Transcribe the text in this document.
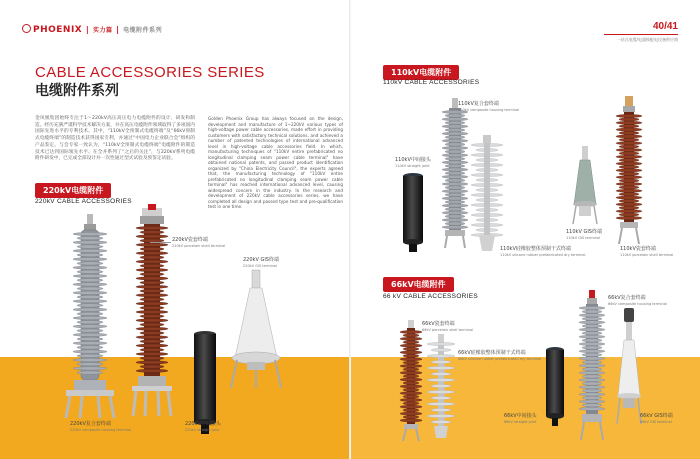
PHOENIX | 实力篇 | 电缆附件系列	40/41
一站式电缆/电器换配电设备供应商
CABLE ACCESSORIES SERIES
电缆附件系列
金凤凰集团始终专注于1～220kV高压高压电力电缆附件的设计、研发和制造。经历充满严谨科学技术解决方案，并在高压电缆附件领域取得了多项国内国际先进水平的专利技术。其中，“110kV全预制式电缆终端”及“66kV预制式电缆终端”的制造技术获得国家专利，并通过“中国电力企业联合会”组织的产品鉴定。与会专家一致认为，“110kV全预制式电缆终端”电缆附件的制造技术已达到国际领先水平。在全并系列了“之后的关注”，与220kV系列电缆附件研发中，已完成全部设计并一次性通过型式试验及预鉴定试验。
Golden Phoenix Group has always focused on the design, development and manufacture of 1~220kV various types of high-voltage power cable accessories, made effort in providing customers with satisfactory technical solutions, and achieved a number of patented technologies of international advanced level in high-voltage cable accessories field. In which, manufacturing techniques of "110kV entire prefabricated no longitudinal clamping seam power cable terminal" have obtained national patents, and passed product identification organized by "China Electricity Council", the experts agreed that, the manufacturing technology of "110kV entire prefabricated no longitudinal clamping seam power cable terminal" has reached international advanced level, causing widespread concern in the industry. In the research and development of 220kV cable accessories series, we have completed all design and passed type test and pre-qualification test in one time.
220kV电缆附件
220kV CABLE ACCESSORIES
220kV瓷套终端
220kV porcelain shell terminal
220kV GIS终端
220kV GIS terminal
220kV复合套终端
220kV composite housing terminal
220kV中间接头
220kV straight joint
110kV电缆附件
110kV CABLE ACCESSORIES
110kV复合套终端
110kV composite housing terminal
110kV中间接头
110kV straight joint
110kV硅橡胶整体预制干式终端
110kV silicone rubber prefabricated dry terminal
110kV GIS终端
110kV GIS terminal
110kV瓷套终端
110kV porcelain shell terminal
66kV电缆附件
66 kV CABLE ACCESSORIES
66kV瓷套终端
66kV porcelain shell terminal
66kV硅橡胶整体预制干式终端
66kV silicone rubber prefabricated dry terminal
66kV中间接头
66kV straight joint
66kV复合套终端
66kV composite housing terminal
66kV GIS终端
66kV GIS terminal
